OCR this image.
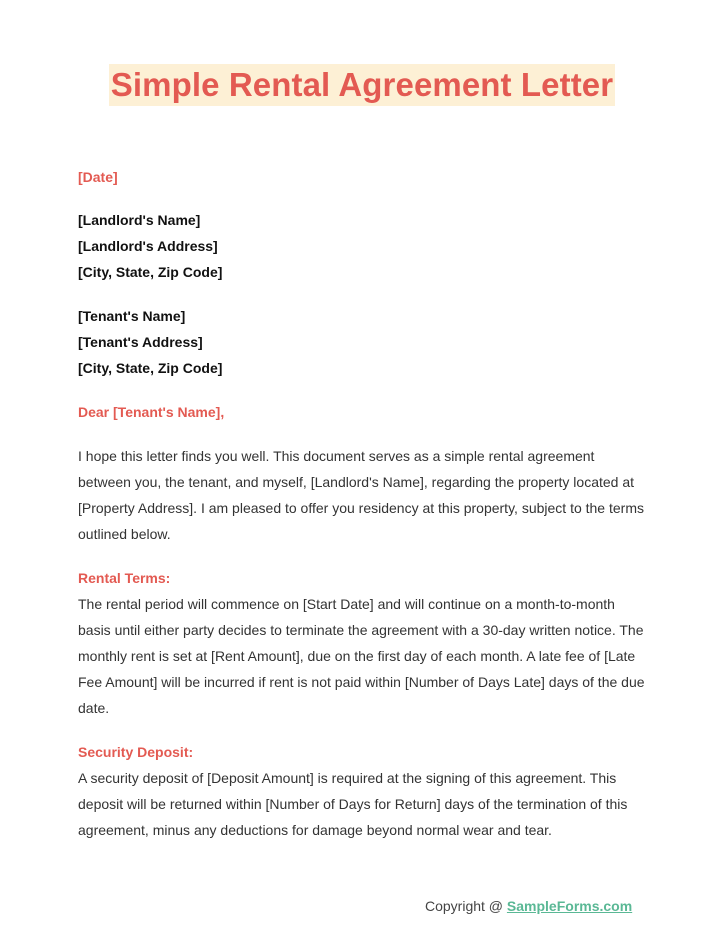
Simple Rental Agreement Letter

[Date]

[Landlord's Name]

[Landlord's Address]

[City, State, Zip Code]

[Tenant's Name]

[Tenant's Address]

[City, State, Zip Code]

Dear [Tenant's Name],

I hope this letter finds you well. This document serves as a simple rental agreement between you, the tenant, and myself, [Landlord's Name], regarding the property located at [Property Address]. I am pleased to offer you residency at this property, subject to the terms outlined below.

Rental Terms:

The rental period will commence on [Start Date] and will continue on a month-to-month basis until either party decides to terminate the agreement with a 30-day written notice. The monthly rent is set at [Rent Amount], due on the first day of each month. A late fee of [Late Fee Amount] will be incurred if rent is not paid within [Number of Days Late] days of the due date.

Security Deposit:

A security deposit of [Deposit Amount] is required at the signing of this agreement. This deposit will be returned within [Number of Days for Return] days of the termination of this agreement, minus any deductions for damage beyond normal wear and tear.

Copyright @ SampleForms.com
